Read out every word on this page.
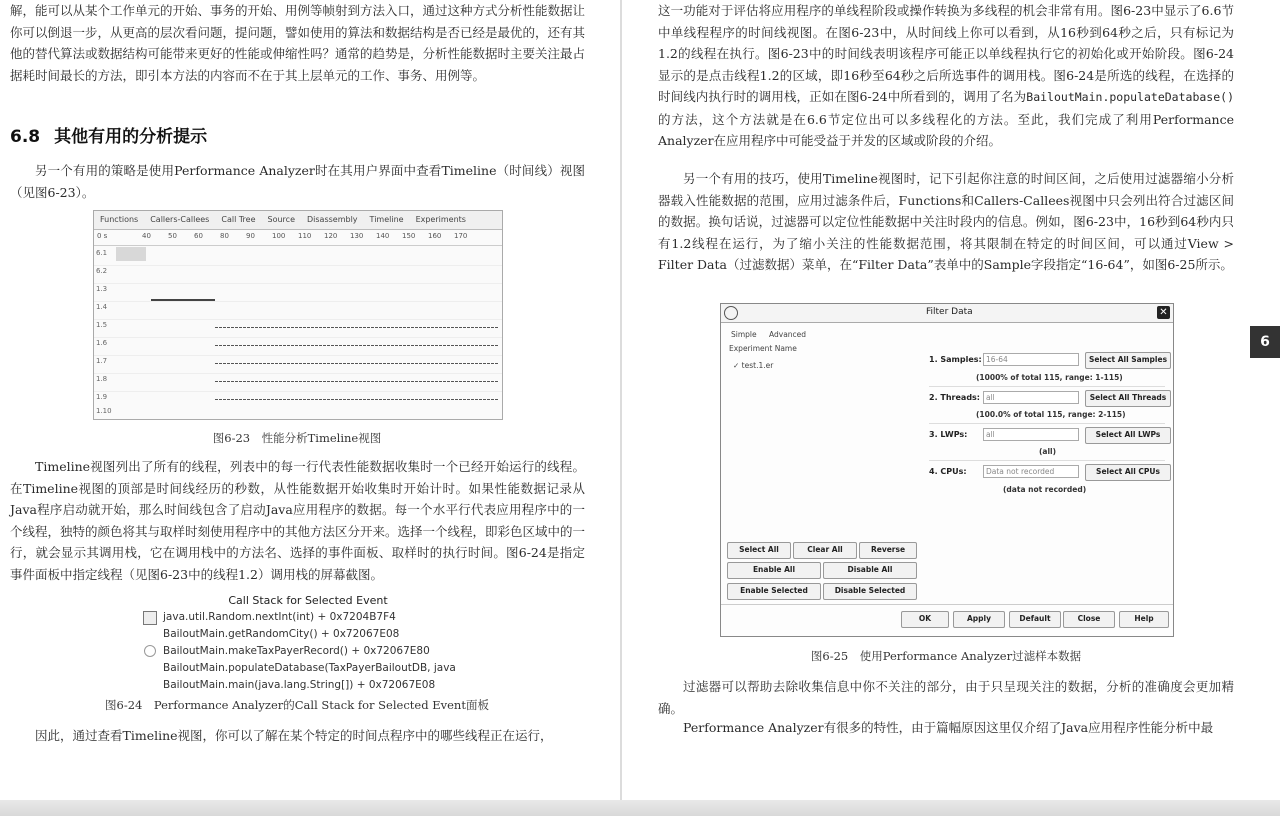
解，能可以从某个工作单元的开始、事务的开始、用例等帧射到方法入口，通过这种方式分析性能数据让你可以倒退一步，从更高的层次看问题，提问题，譬如使用的算法和数据结构是否已经是最优的，还有其他的替代算法或数据结构可能带来更好的性能或伸缩性吗？通常的趋势是，分析性能数据时主要关注最占据耗时间最长的方法，即引本方法的内容而不在于其上层单元的工作、事务、用例等。

6.8 其他有用的分析提示

另一个有用的策略是使用Performance Analyzer时在其用户界面中查看Timeline（时间线）视图（见图6-23）。

Functions	Callers-Callees	Call Tree	Source	Disassembly	Timeline	Experiments
0 s	40 50 60 80 90 100 110 120 130 140 150 160 170
6.1
6.2
1.3
1.4
1.5
1.6
1.7
1.8
1.9
1.10
图6-23　性能分析Timeline视图

Timeline视图列出了所有的线程，列表中的每一行代表性能数据收集时一个已经开始运行的线程。在Timeline视图的顶部是时间线经历的秒数，从性能数据开始收集时开始计时。如果性能数据记录从Java程序启动就开始，那么时间线包含了启动Java应用程序的数据。每一个水平行代表应用程序中的一个线程，独特的颜色将其与取样时刻使用程序中的其他方法区分开来。选择一个线程，即彩色区域中的一行，就会显示其调用栈，它在调用栈中的方法名、选择的事件面板、取样时的执行时间。图6-24是指定事件面板中指定线程（见图6-23中的线程1.2）调用栈的屏幕截图。

Call Stack for Selected Event
java.util.Random.nextInt(int) + 0x7204B7F4
BailoutMain.getRandomCity() + 0x72067E08
BailoutMain.makeTaxPayerRecord() + 0x72067E80
BailoutMain.populateDatabase(TaxPayerBailoutDB, java
BailoutMain.main(java.lang.String[]) + 0x72067E08
图6-24　Performance Analyzer的Call Stack for Selected Event面板

因此，通过查看Timeline视图，你可以了解在某个特定的时间点程序中的哪些线程正在运行，

这一功能对于评估将应用程序的单线程阶段或操作转换为多线程的机会非常有用。图6-23中显示了6.6节中单线程程序的时间线视图。在图6-23中，从时间线上你可以看到，从16秒到64秒之后，只有标记为1.2的线程在执行。图6-23中的时间线表明该程序可能正以单线程执行它的初始化或开始阶段。图6-24显示的是点击线程1.2的区域，即16秒至64秒之后所选事件的调用栈。图6-24是所选的线程，在选择的时间线内执行时的调用栈，正如在图6-24中所看到的，调用了名为BailoutMain.populateDatabase()的方法，这个方法就是在6.6节定位出可以多线程化的方法。至此，我们完成了利用Performance Analyzer在应用程序中可能受益于并发的区域或阶段的介绍。

另一个有用的技巧，使用Timeline视图时，记下引起你注意的时间区间，之后使用过滤器缩小分析器载入性能数据的范围，应用过滤条件后，Functions和Callers-Callees视图中只会列出符合过滤区间的数据。换句话说，过滤器可以定位性能数据中关注时段内的信息。例如，图6-23中，16秒到64秒内只有1.2线程在运行，为了缩小关注的性能数据范围，将其限制在特定的时间区间，可以通过View > Filter Data（过滤数据）菜单，在“Filter Data”表单中的Sample字段指定“16-64”，如图6-25所示。

Filter Data	✕
Simple Advanced
Experiment Name
✓ test.1.er
1. Samples: 16-64	Select All Samples
(1000% of total 115, range: 1-115)
2. Threads: all	Select All Threads
(100.0% of total 115, range: 2-115)
3. LWPs:	all	Select All LWPs
(all)
4. CPUs:	Data not recorded	Select All CPUs
(data not recorded)
Select All	Clear All	Reverse
Enable All	Disable All
Enable Selected	Disable Selected
OK	Apply	Default	Close	Help
图6-25　使用Performance Analyzer过滤样本数据

过滤器可以帮助去除收集信息中你不关注的部分，由于只呈现关注的数据，分析的准确度会更加精确。

Performance Analyzer有很多的特性，由于篇幅原因这里仅介绍了Java应用程序性能分析中最

6
